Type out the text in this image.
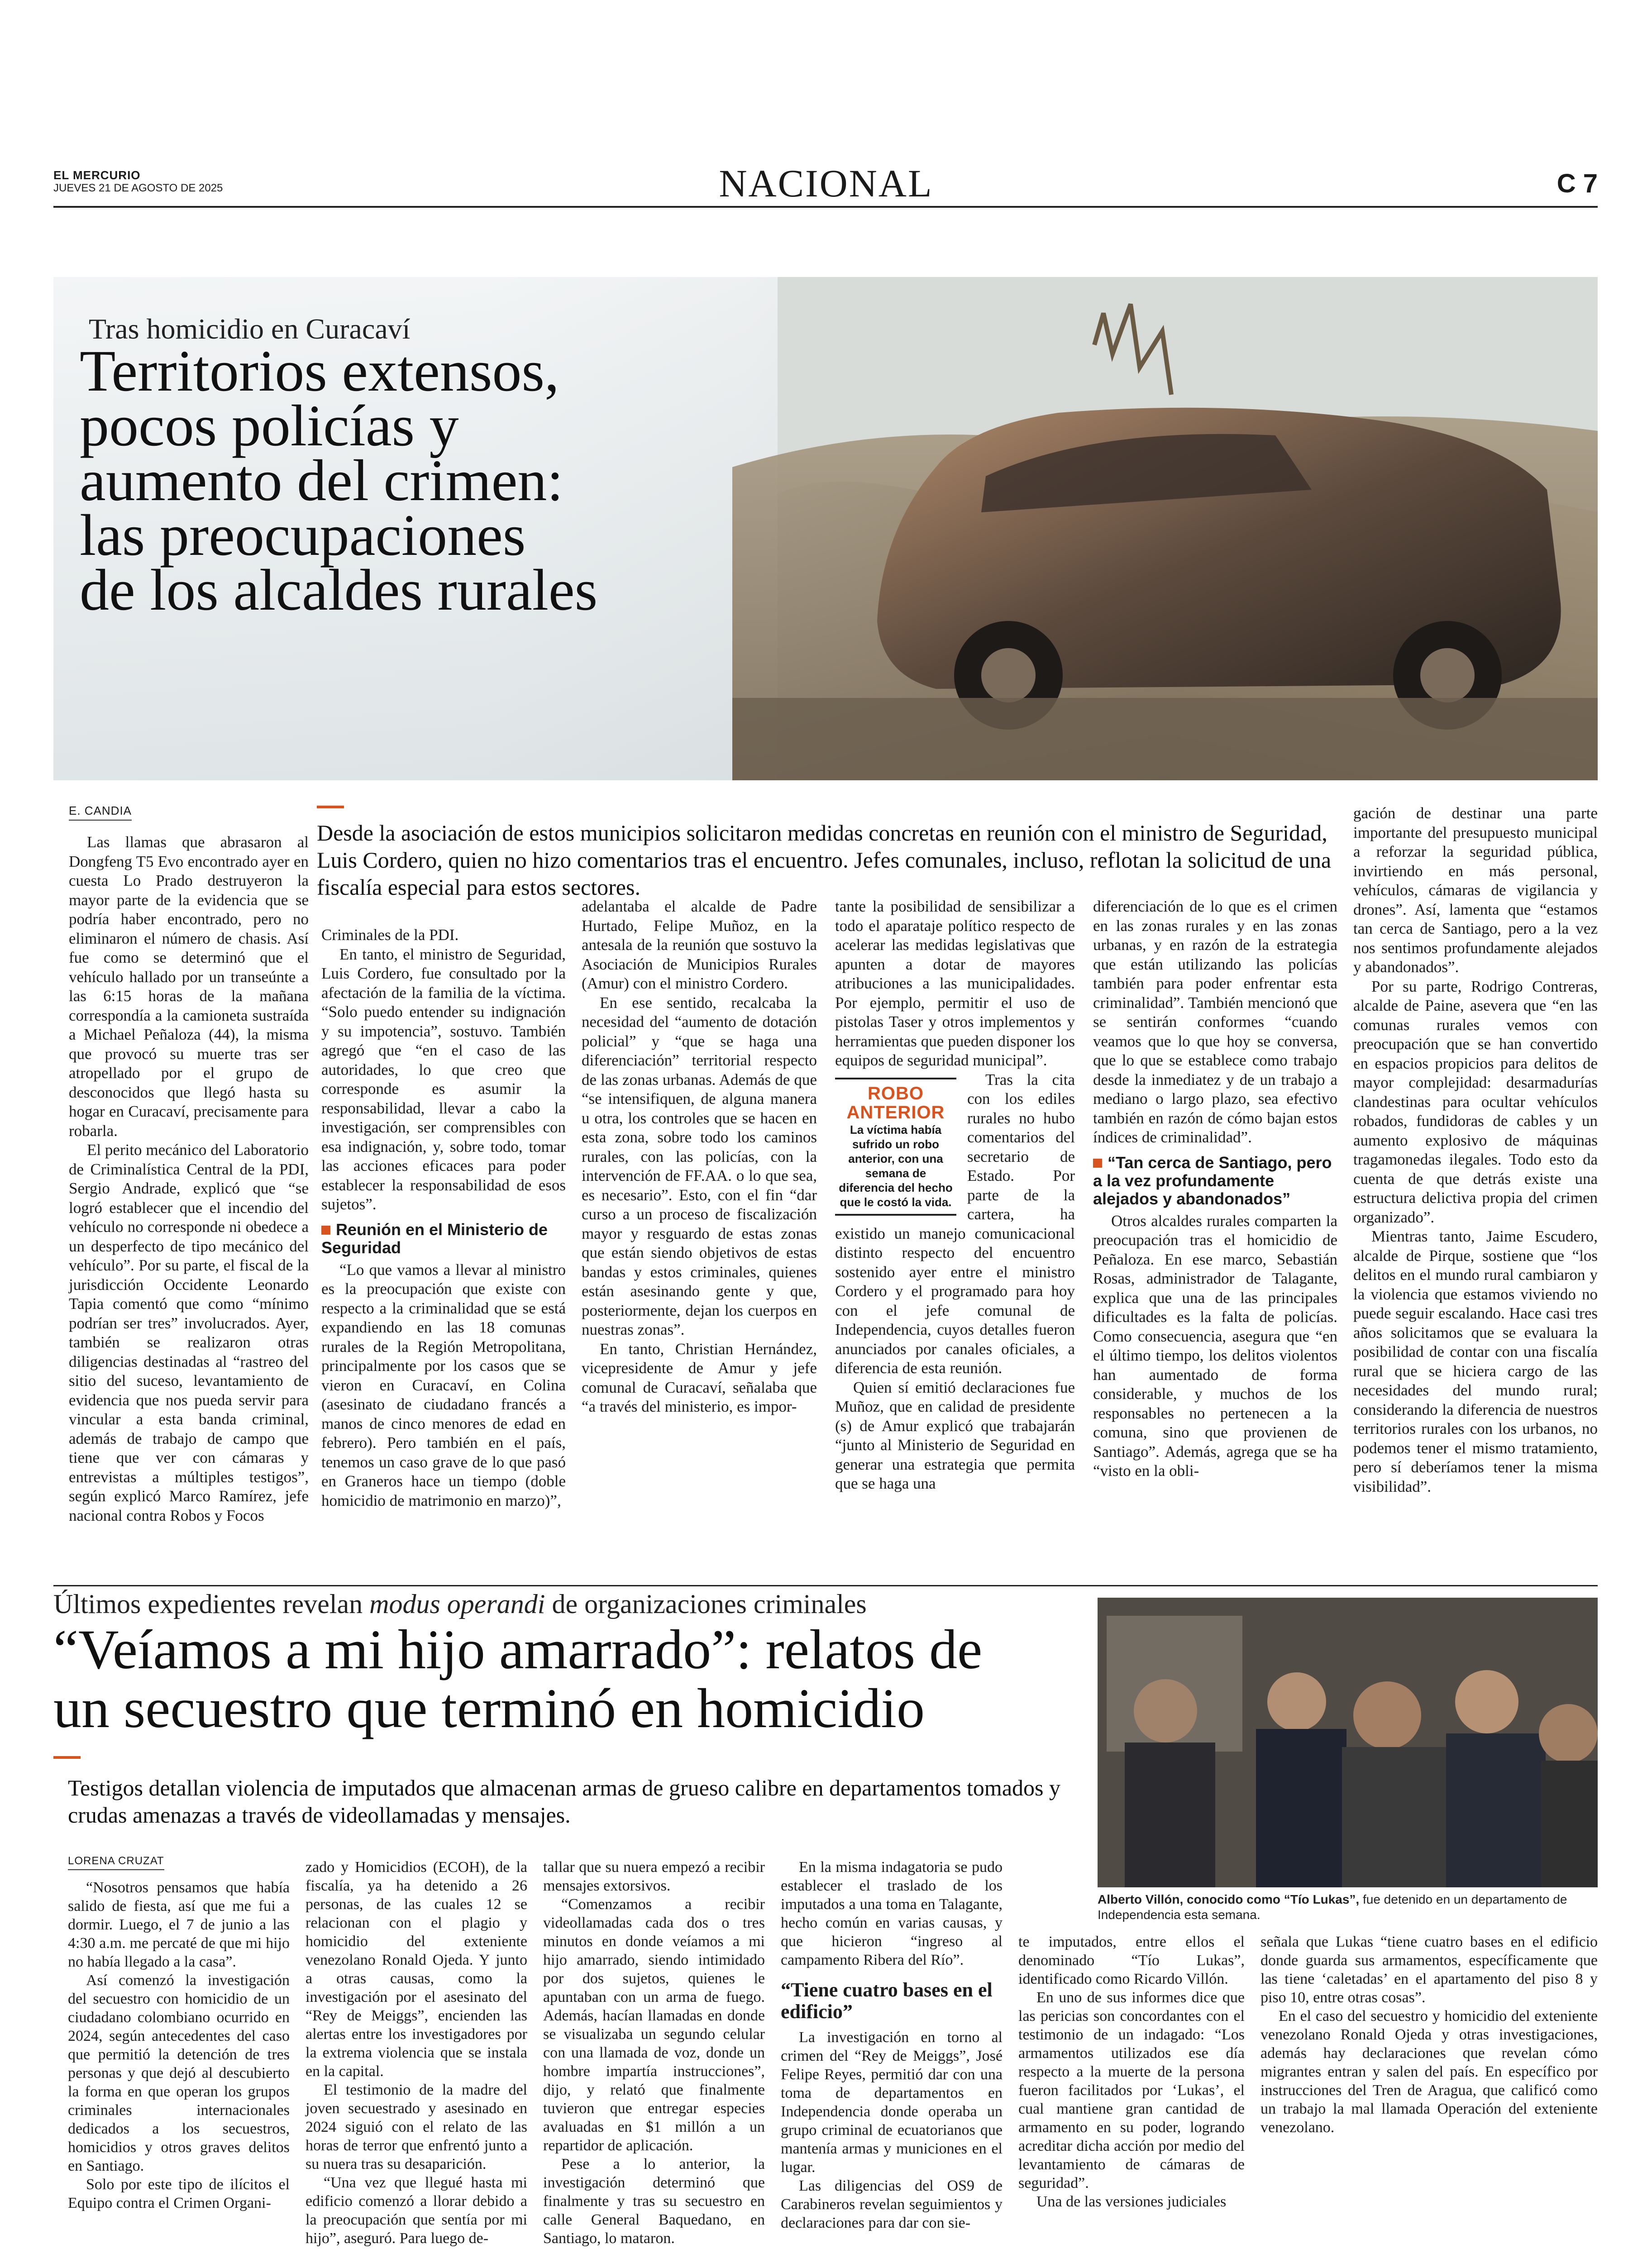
EL MERCURIO
JUEVES 21 DE AGOSTO DE 2025	NACIONAL	C 7
Tras homicidio en Curacaví
Territorios extensos,
pocos policías y
aumento del crimen:
las preocupaciones
de los alcaldes rurales
E. CANDIA

Las llamas que abrasaron al Dongfeng T5 Evo encontrado ayer en cuesta Lo Prado destruyeron la mayor parte de la evidencia que se podría haber encontrado, pero no eliminaron el número de chasis. Así fue como se determinó que el vehículo hallado por un transeúnte a las 6:15 horas de la mañana correspondía a la camioneta sustraída a Michael Peñaloza (44), la misma que provocó su muerte tras ser atropellado por el grupo de desconocidos que llegó hasta su hogar en Curacaví, precisamente para robarla.

El perito mecánico del Laboratorio de Criminalística Central de la PDI, Sergio Andrade, explicó que “se logró establecer que el incendio del vehículo no corresponde ni obedece a un desperfecto de tipo mecánico del vehículo”. Por su parte, el fiscal de la jurisdicción Occidente Leonardo Tapia comentó que como “mínimo podrían ser tres” involucrados. Ayer, también se realizaron otras diligencias destinadas al “rastreo del sitio del suceso, levantamiento de evidencia que nos pueda servir para vincular a esta banda criminal, además de trabajo de campo que tiene que ver con cámaras y entrevistas a múltiples testigos”, según explicó Marco Ramírez, jefe nacional contra Robos y Focos

Desde la asociación de estos municipios solicitaron medidas concretas en reunión con el ministro de Seguridad, Luis Cordero, quien no hizo comentarios tras el encuentro. Jefes comunales, incluso, reflotan la solicitud de una fiscalía especial para estos sectores.

Criminales de la PDI.

En tanto, el ministro de Seguridad, Luis Cordero, fue consultado por la afectación de la familia de la víctima. “Solo puedo entender su indignación y su impotencia”, sostuvo. También agregó que “en el caso de las autoridades, lo que creo que corresponde es asumir la responsabilidad, llevar a cabo la investigación, ser comprensibles con esa indignación, y, sobre todo, tomar las acciones eficaces para poder establecer la responsabilidad de esos sujetos”.

Reunión en el Ministerio de Seguridad

“Lo que vamos a llevar al ministro es la preocupación que existe con respecto a la criminalidad que se está expandiendo en las 18 comunas rurales de la Región Metropolitana, principalmente por los casos que se vieron en Curacaví, en Colina (asesinato de ciudadano francés a manos de cinco menores de edad en febrero). Pero también en el país, tenemos un caso grave de lo que pasó en Graneros hace un tiempo (doble homicidio de matrimonio en marzo)”,

adelantaba el alcalde de Padre Hurtado, Felipe Muñoz, en la antesala de la reunión que sostuvo la Asociación de Municipios Rurales (Amur) con el ministro Cordero.

En ese sentido, recalcaba la necesidad del “aumento de dotación policial” y “que se haga una diferenciación” territorial respecto de las zonas urbanas. Además de que “se intensifiquen, de alguna manera u otra, los controles que se hacen en esta zona, sobre todo los caminos rurales, con las policías, con la intervención de FF.AA. o lo que sea, es necesario”. Esto, con el fin “dar curso a un proceso de fiscalización mayor y resguardo de estas zonas que están siendo objetivos de estas bandas y estos criminales, quienes están asesinando gente y que, posteriormente, dejan los cuerpos en nuestras zonas”.

En tanto, Christian Hernández, vicepresidente de Amur y jefe comunal de Curacaví, señalaba que “a través del ministerio, es impor-

tante la posibilidad de sensibilizar a todo el aparataje político respecto de acelerar las medidas legislativas que apunten a dotar de mayores atribuciones a las municipalidades. Por ejemplo, permitir el uso de pistolas Taser y otros implementos y herramientas que pueden disponer los equipos de seguridad municipal”.

ROBO ANTERIOR
La víctima había sufrido un robo anterior, con una semana de diferencia del hecho que le costó la vida.

Tras la cita con los ediles rurales no hubo comentarios del secretario de Estado. Por parte de la cartera, ha existido un manejo comunicacional distinto respecto del encuentro sostenido ayer entre el ministro Cordero y el programado para hoy con el jefe comunal de Independencia, cuyos detalles fueron anunciados por canales oficiales, a diferencia de esta reunión.

Quien sí emitió declaraciones fue Muñoz, que en calidad de presidente (s) de Amur explicó que trabajarán “junto al Ministerio de Seguridad en generar una estrategia que permita que se haga una

diferenciación de lo que es el crimen en las zonas rurales y en las zonas urbanas, y en razón de la estrategia que están utilizando las policías también para poder enfrentar esta criminalidad”. También mencionó que se sentirán conformes “cuando veamos que lo que hoy se conversa, que lo que se establece como trabajo desde la inmediatez y de un trabajo a mediano o largo plazo, sea efectivo también en razón de cómo bajan estos índices de criminalidad”.

“Tan cerca de Santiago, pero a la vez profundamente alejados y abandonados”

Otros alcaldes rurales comparten la preocupación tras el homicidio de Peñaloza. En ese marco, Sebastián Rosas, administrador de Talagante, explica que una de las principales dificultades es la falta de policías. Como consecuencia, asegura que “en el último tiempo, los delitos violentos han aumentado de forma considerable, y muchos de los responsables no pertenecen a la comuna, sino que provienen de Santiago”. Además, agrega que se ha “visto en la obli-

gación de destinar una parte importante del presupuesto municipal a reforzar la seguridad pública, invirtiendo en más personal, vehículos, cámaras de vigilancia y drones”. Así, lamenta que “estamos tan cerca de Santiago, pero a la vez nos sentimos profundamente alejados y abandonados”.

Por su parte, Rodrigo Contreras, alcalde de Paine, asevera que “en las comunas rurales vemos con preocupación que se han convertido en espacios propicios para delitos de mayor complejidad: desarmadurías clandestinas para ocultar vehículos robados, fundidoras de cables y un aumento explosivo de máquinas tragamonedas ilegales. Todo esto da cuenta de que detrás existe una estructura delictiva propia del crimen organizado”.

Mientras tanto, Jaime Escudero, alcalde de Pirque, sostiene que “los delitos en el mundo rural cambiaron y la violencia que estamos viviendo no puede seguir escalando. Hace casi tres años solicitamos que se evaluara la posibilidad de contar con una fiscalía rural que se hiciera cargo de las necesidades del mundo rural; considerando la diferencia de nuestros territorios rurales con los urbanos, no podemos tener el mismo tratamiento, pero sí deberíamos tener la misma visibilidad”.

Últimos expedientes revelan modus operandi de organizaciones criminales
“Veíamos a mi hijo amarrado”: relatos de
un secuestro que terminó en homicidio
Testigos detallan violencia de imputados que almacenan armas de grueso calibre en departamentos tomados y crudas amenazas a través de videollamadas y mensajes.
Alberto Villón, conocido como “Tío Lukas”, fue detenido en un departamento de Independencia esta semana.
LORENA CRUZAT

“Nosotros pensamos que había salido de fiesta, así que me fui a dormir. Luego, el 7 de junio a las 4:30 a.m. me percaté de que mi hijo no había llegado a la casa”.

Así comenzó la investigación del secuestro con homicidio de un ciudadano colombiano ocurrido en 2024, según antecedentes del caso que permitió la detención de tres personas y que dejó al descubierto la forma en que operan los grupos criminales internacionales dedicados a los secuestros, homicidios y otros graves delitos en Santiago.

Solo por este tipo de ilícitos el Equipo contra el Crimen Organi-

zado y Homicidios (ECOH), de la fiscalía, ya ha detenido a 26 personas, de las cuales 12 se relacionan con el plagio y homicidio del exteniente venezolano Ronald Ojeda. Y junto a otras causas, como la investigación por el asesinato del “Rey de Meiggs”, encienden las alertas entre los investigadores por la extrema violencia que se instala en la capital.

El testimonio de la madre del joven secuestrado y asesinado en 2024 siguió con el relato de las horas de terror que enfrentó junto a su nuera tras su desaparición.

“Una vez que llegué hasta mi edificio comenzó a llorar debido a la preocupación que sentía por mi hijo”, aseguró. Para luego de-

tallar que su nuera empezó a recibir mensajes extorsivos.

“Comenzamos a recibir videollamadas cada dos o tres minutos en donde veíamos a mi hijo amarrado, siendo intimidado por dos sujetos, quienes le apuntaban con un arma de fuego. Además, hacían llamadas en donde se visualizaba un segundo celular con una llamada de voz, donde un hombre impartía instrucciones”, dijo, y relató que finalmente tuvieron que entregar especies avaluadas en $1 millón a un repartidor de aplicación.

Pese a lo anterior, la investigación determinó que finalmente y tras su secuestro en calle General Baquedano, en Santiago, lo mataron.

En la misma indagatoria se pudo establecer el traslado de los imputados a una toma en Talagante, hecho común en varias causas, y que hicieron “ingreso al campamento Ribera del Río”.

“Tiene cuatro bases en el edificio”

La investigación en torno al crimen del “Rey de Meiggs”, José Felipe Reyes, permitió dar con una toma de departamentos en Independencia donde operaba un grupo criminal de ecuatorianos que mantenía armas y municiones en el lugar.

Las diligencias del OS9 de Carabineros revelan seguimientos y declaraciones para dar con sie-

te imputados, entre ellos el denominado “Tío Lukas”, identificado como Ricardo Villón.

En uno de sus informes dice que las pericias son concordantes con el testimonio de un indagado: “Los armamentos utilizados ese día respecto a la muerte de la persona fueron facilitados por ‘Lukas’, el cual mantiene gran cantidad de armamento en su poder, logrando acreditar dicha acción por medio del levantamiento de cámaras de seguridad”.

Una de las versiones judiciales

señala que Lukas “tiene cuatro bases en el edificio donde guarda sus armamentos, específicamente que las tiene ‘caletadas’ en el apartamento del piso 8 y piso 10, entre otras cosas”.

En el caso del secuestro y homicidio del exteniente venezolano Ronald Ojeda y otras investigaciones, además hay declaraciones que revelan cómo migrantes entran y salen del país. En específico por instrucciones del Tren de Aragua, que calificó como un trabajo la mal llamada Operación del exteniente venezolano.
